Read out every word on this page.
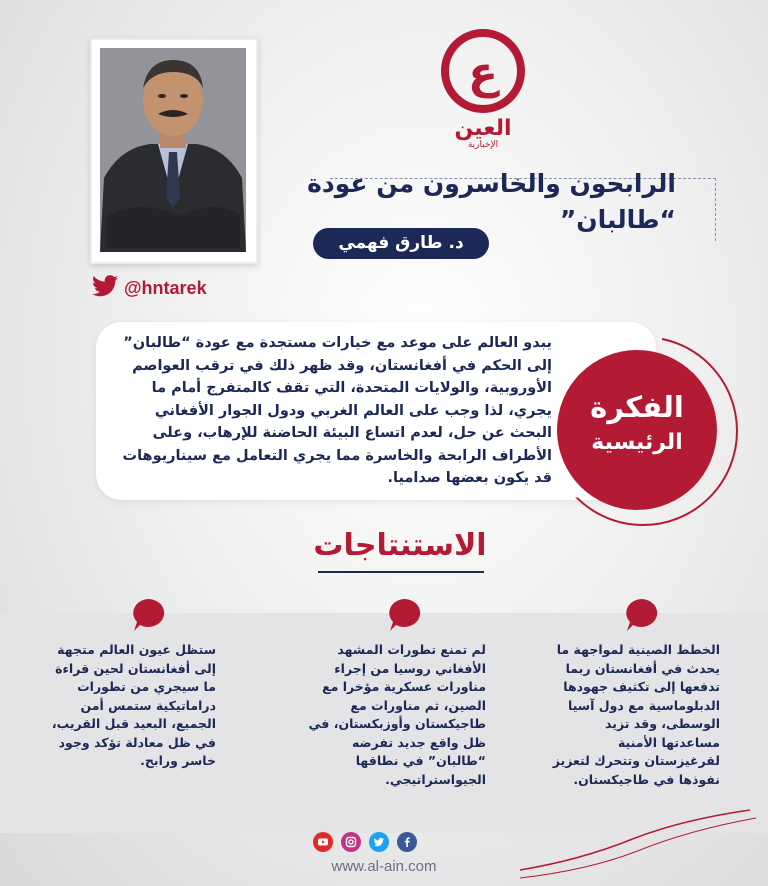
@hntarek
ع
العين
الإخبارية
الرابحون والخاسرون من عودة “طالبان”
د. طارق فهمي
يبدو العالم على موعد مع خيارات مستجدة مع عودة “طالبان” إلى الحكم في أفغانستان، وقد ظهر ذلك في ترقب العواصم الأوروبية، والولايات المتحدة، التي تقف كالمتفرج أمام ما يجري، لذا وجب على العالم الغربي ودول الجوار الأفغاني البحث عن حل، لعدم اتساع البيئة الحاضنة للإرهاب، وعلى الأطراف الرابحة والخاسرة مما يجري التعامل مع سيناريوهات قد يكون بعضها صداميا.
الفكرة
الرئيسية
الاستنتاجات
الخطط الصينية لمواجهة ما يحدث في أفغانستان ربما تدفعها إلى تكثيف جهودها الدبلوماسية مع دول آسيا الوسطى، وقد تزيد مساعدتها الأمنية لقرغيزستان وتتحرك لتعزيز نفوذها في طاجيكستان.
لم تمنع تطورات المشهد الأفغاني روسيا من إجراء مناورات عسكرية مؤخرا مع الصين، ثم مناورات مع طاجيكستان وأوزبكستان، في ظل واقع جديد تفرضه “طالبان” في نطاقها الجيواستراتيجي.
ستظل عيون العالم متجهة إلى أفغانستان لحين قراءة ما سيجري من تطورات دراماتيكية ستمس أمن الجميع، البعيد قبل القريب، في ظل معادلة تؤكد وجود خاسر ورابح.
www.al-ain.com
